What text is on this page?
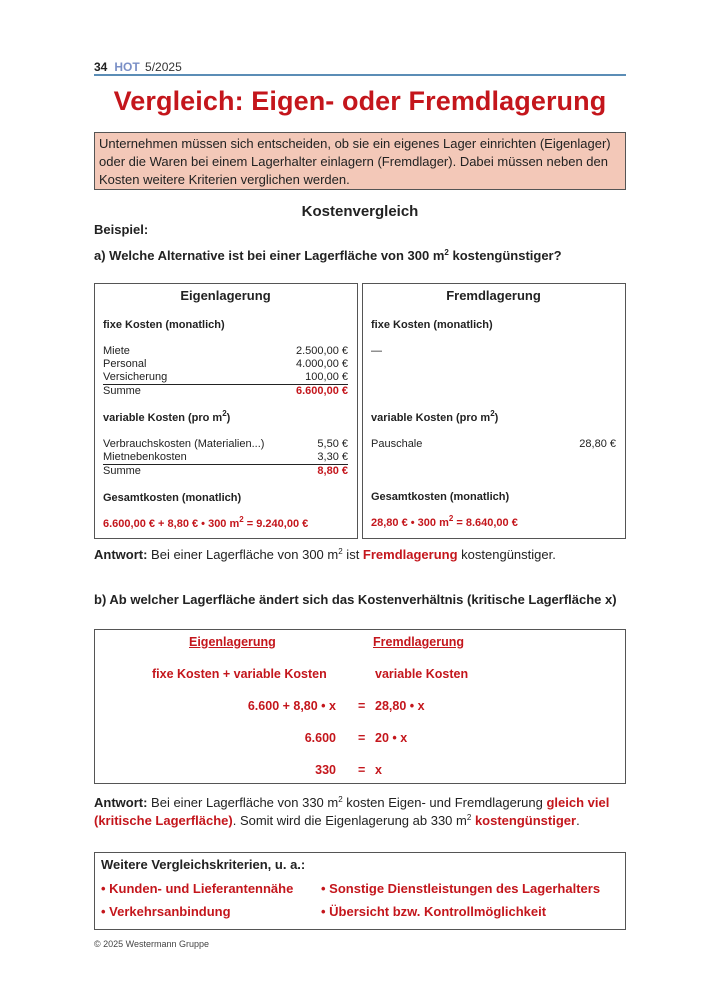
34 HOT 5/2025
Vergleich: Eigen- oder Fremdlagerung
Unternehmen müssen sich entscheiden, ob sie ein eigenes Lager einrichten (Eigenlager) oder die Waren bei einem Lagerhalter einlagern (Fremdlager). Dabei müssen neben den Kosten weitere Kriterien verglichen werden.
Kostenvergleich
Beispiel:
a) Welche Alternative ist bei einer Lagerfläche von 300 $m^2$ kostengünstiger?
Eigenlagerung
fixe Kosten (monatlich)
Miete	2.500,00 €
Personal	4.000,00 €
Versicherung	100,00 €
Summe	6.600,00 €
variable Kosten (pro $m^2$)
Verbrauchskosten (Materialien...)	5,50 €
Mietnebenkosten	3,30 €
Summe	8,80 €
Gesamtkosten (monatlich)
6.600,00 € + 8,80 € • 300 $m^2 = 9.240,00$ €
Fremdlagerung
fixe Kosten (monatlich)
—
variable Kosten (pro $m^2$)
Pauschale	28,80 €
Gesamtkosten (monatlich)
28,80 € • 300 $m^2 = 8.640,00$ €
Antwort: Bei einer Lagerfläche von 300 $m^2$ ist Fremdlagerung kostengünstiger.
b) Ab welcher Lagerfläche ändert sich das Kostenverhältnis (kritische Lagerfläche x)
Eigenlagerung	Fremdlagerung
fixe Kosten + variable Kosten	variable Kosten
6.600 + 8,80 • x = 28,80 • x
6.600 = 20 • x
330 = x
Antwort: Bei einer Lagerfläche von 330 $m^2$ kosten Eigen- und Fremdlagerung gleich viel (kritische Lagerfläche). Somit wird die Eigenlagerung ab 330 $m^2$ kostengünstiger.
Weitere Vergleichskriterien, u. a.:
• Kunden- und Lieferantennähe • Sonstige Dienstleistungen des Lagerhalters
• Verkehrsanbindung	• Übersicht bzw. Kontrollmöglichkeit
© 2025 Westermann Gruppe
